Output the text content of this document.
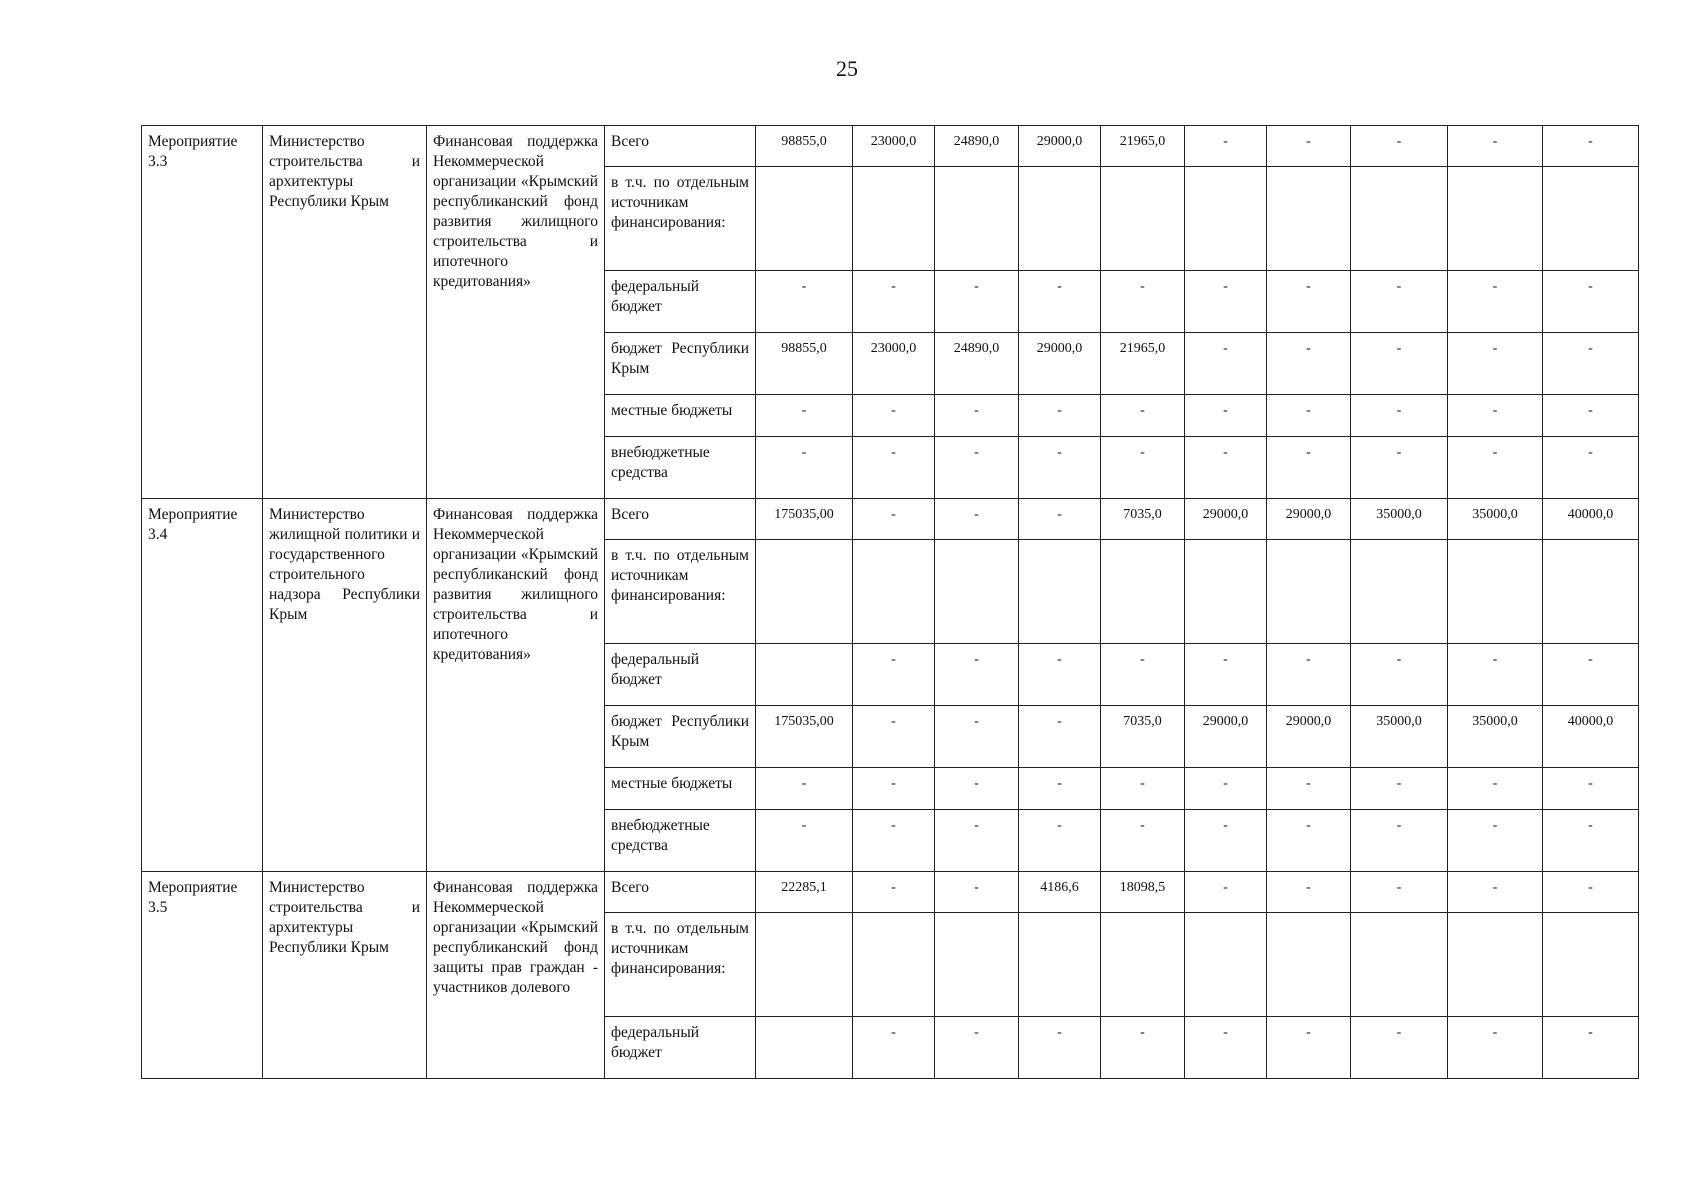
25
Мероприятие 3.3	Министерство строительства и архитектуры Республики Крым	Финансовая поддержка Некоммерческой организации «Крымский республиканский фонд развития жилищного строительства и ипотечного кредитования»	Всего	98855,0	23000,0	24890,0	29000,0	21965,0	-	-	-	-	-
			в т.ч. по отдельным источникам финансирования:										
			федеральный бюджет	-	-	-	-	-	-	-	-	-	-
			бюджет Республики Крым	98855,0	23000,0	24890,0	29000,0	21965,0	-	-	-	-	-
			местные бюджеты	-	-	-	-	-	-	-	-	-	-
			внебюджетные средства	-	-	-	-	-	-	-	-	-	-
Мероприятие 3.4	Министерство жилищной политики и государственного строительного надзора Республики Крым	Финансовая поддержка Некоммерческой организации «Крымский республиканский фонд развития жилищного строительства и ипотечного кредитования»	Всего	175035,00	-	-	-	7035,0	29000,0	29000,0	35000,0	35000,0	40000,0
			в т.ч. по отдельным источникам финансирования:										
			федеральный бюджет		-	-	-	-	-	-	-	-	-
			бюджет Республики Крым	175035,00	-	-	-	7035,0	29000,0	29000,0	35000,0	35000,0	40000,0
			местные бюджеты	-	-	-	-	-	-	-	-	-	-
			внебюджетные средства	-	-	-	-	-	-	-	-	-	-
Мероприятие 3.5	Министерство строительства и архитектуры Республики Крым	Финансовая поддержка Некоммерческой организации «Крымский республиканский фонд защиты прав граждан - участников долевого	Всего	22285,1	-	-	4186,6	18098,5	-	-	-	-	-
			в т.ч. по отдельным источникам финансирования:										
			федеральный бюджет		-	-	-	-	-	-	-	-	-
